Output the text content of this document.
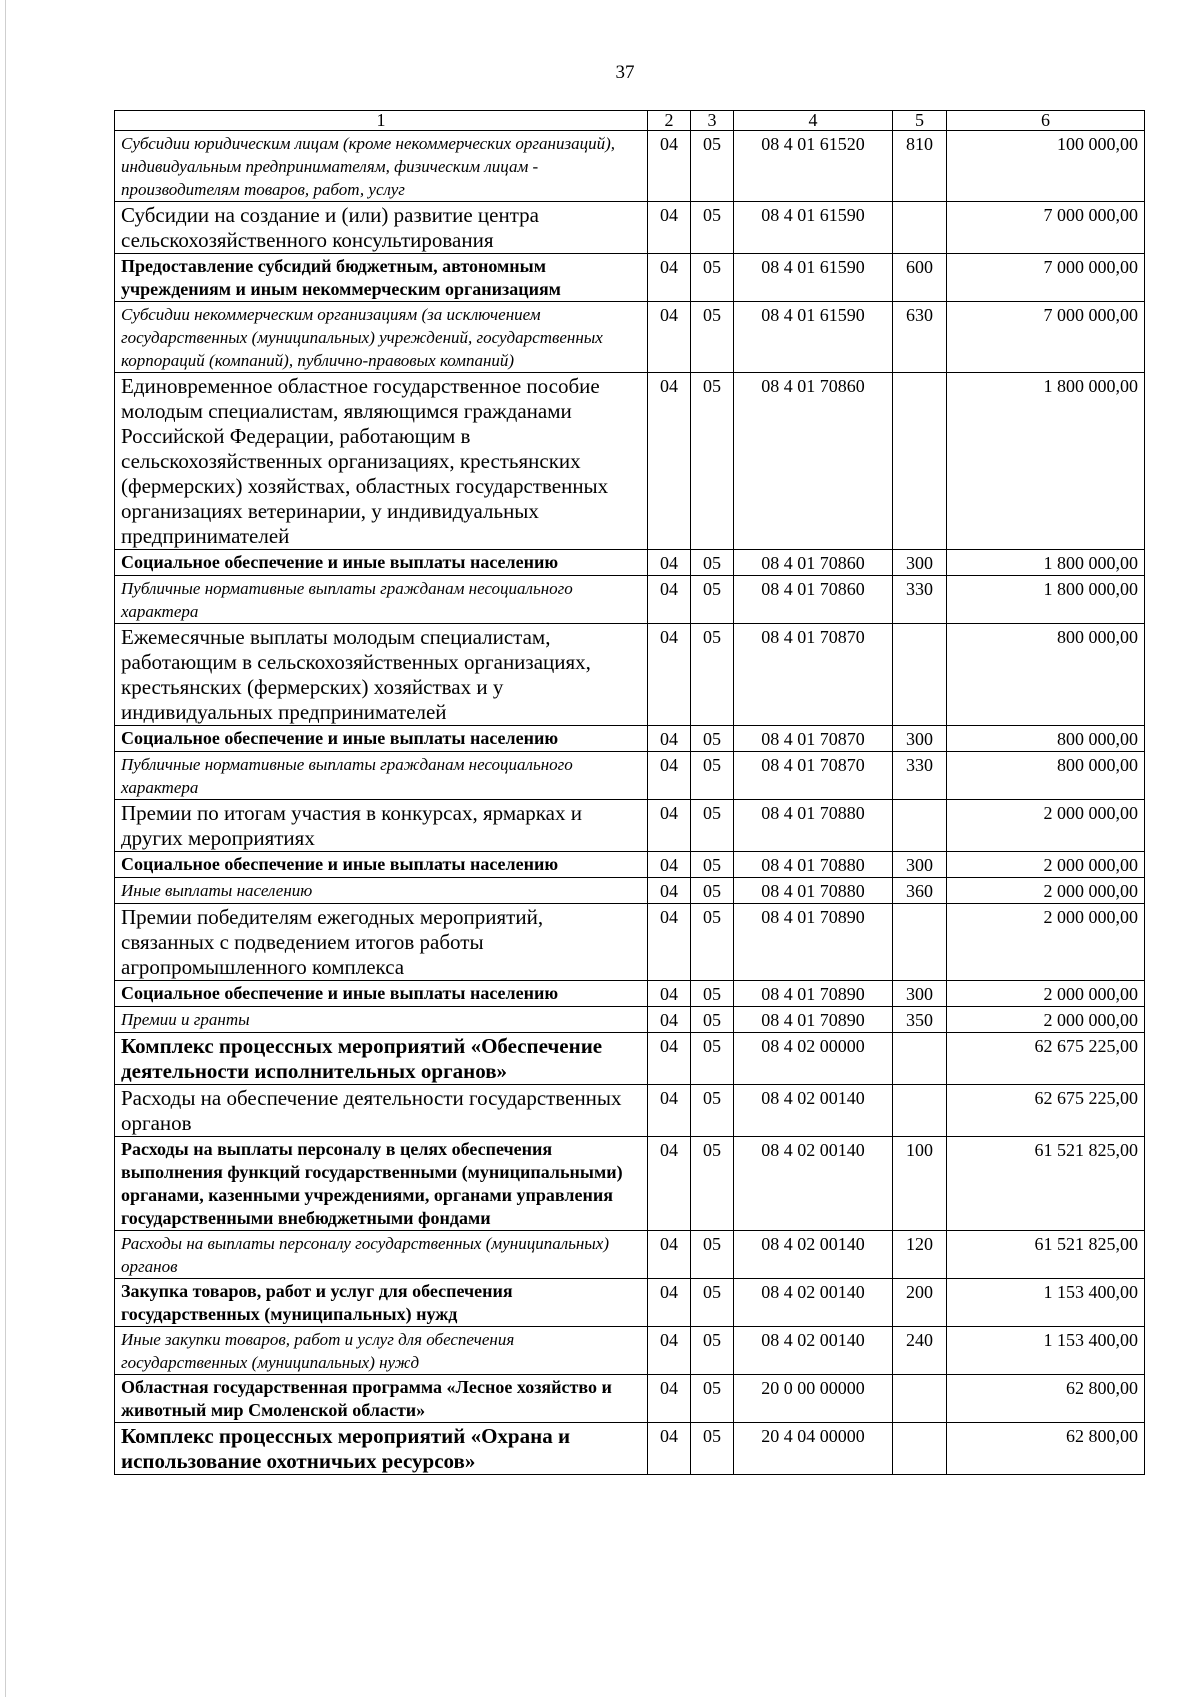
37
1	2	3	4	5	6
Субсидии юридическим лицам (кроме некоммерческих организаций), индивидуальным предпринимателям, физическим лицам - производителям товаров, работ, услуг	04	05	08 4 01 61520	810	100 000,00
Субсидии на создание и (или) развитие центра сельскохозяйственного консультирования	04	05	08 4 01 61590		7 000 000,00
Предоставление субсидий бюджетным, автономным учреждениям и иным некоммерческим организациям	04	05	08 4 01 61590	600	7 000 000,00
Субсидии некоммерческим организациям (за исключением государственных (муниципальных) учреждений, государственных корпораций (компаний), публично-правовых компаний)	04	05	08 4 01 61590	630	7 000 000,00
Единовременное областное государственное пособие молодым специалистам, являющимся гражданами Российской Федерации, работающим в сельскохозяйственных организациях, крестьянских (фермерских) хозяйствах, областных государственных организациях ветеринарии, у индивидуальных предпринимателей	04	05	08 4 01 70860		1 800 000,00
Социальное обеспечение и иные выплаты населению	04	05	08 4 01 70860	300	1 800 000,00
Публичные нормативные выплаты гражданам несоциального характера	04	05	08 4 01 70860	330	1 800 000,00
Ежемесячные выплаты молодым специалистам, работающим в сельскохозяйственных организациях, крестьянских (фермерских) хозяйствах и у индивидуальных предпринимателей	04	05	08 4 01 70870		800 000,00
Социальное обеспечение и иные выплаты населению	04	05	08 4 01 70870	300	800 000,00
Публичные нормативные выплаты гражданам несоциального характера	04	05	08 4 01 70870	330	800 000,00
Премии по итогам участия в конкурсах, ярмарках и других мероприятиях	04	05	08 4 01 70880		2 000 000,00
Социальное обеспечение и иные выплаты населению	04	05	08 4 01 70880	300	2 000 000,00
Иные выплаты населению	04	05	08 4 01 70880	360	2 000 000,00
Премии победителям ежегодных мероприятий, связанных с подведением итогов работы агропромышленного комплекса	04	05	08 4 01 70890		2 000 000,00
Социальное обеспечение и иные выплаты населению	04	05	08 4 01 70890	300	2 000 000,00
Премии и гранты	04	05	08 4 01 70890	350	2 000 000,00
Комплекс процессных мероприятий «Обеспечение деятельности исполнительных органов»	04	05	08 4 02 00000		62 675 225,00
Расходы на обеспечение деятельности государственных органов	04	05	08 4 02 00140		62 675 225,00
Расходы на выплаты персоналу в целях обеспечения выполнения функций государственными (муниципальными) органами, казенными учреждениями, органами управления государственными внебюджетными фондами	04	05	08 4 02 00140	100	61 521 825,00
Расходы на выплаты персоналу государственных (муниципальных) органов	04	05	08 4 02 00140	120	61 521 825,00
Закупка товаров, работ и услуг для обеспечения государственных (муниципальных) нужд	04	05	08 4 02 00140	200	1 153 400,00
Иные закупки товаров, работ и услуг для обеспечения государственных (муниципальных) нужд	04	05	08 4 02 00140	240	1 153 400,00
Областная государственная программа «Лесное хозяйство и животный мир Смоленской области»	04	05	20 0 00 00000		62 800,00
Комплекс процессных мероприятий «Охрана и использование охотничьих ресурсов»	04	05	20 4 04 00000		62 800,00
